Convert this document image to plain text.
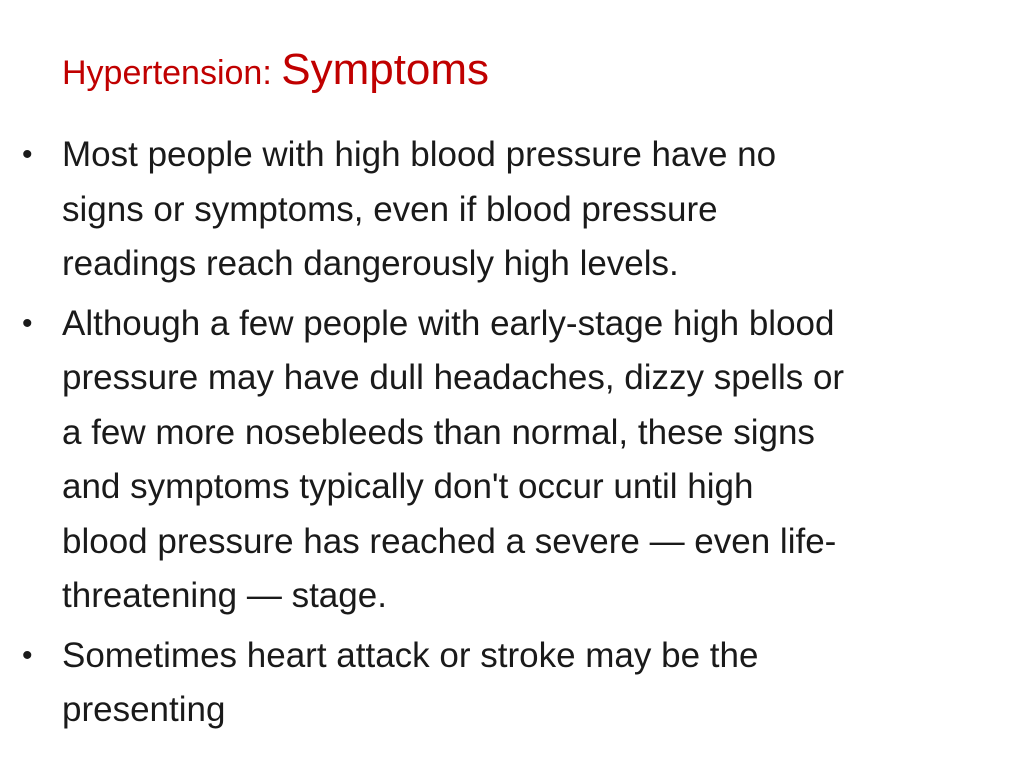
Hypertension: Symptoms
• Most people with high blood pressure have no
signs or symptoms, even if blood pressure
readings reach dangerously high levels.
• Although a few people with early-stage high blood
pressure may have dull headaches, dizzy spells or
a few more nosebleeds than normal, these signs
and symptoms typically don't occur until high
blood pressure has reached a severe — even life-
threatening — stage.
• Sometimes heart attack or stroke may be the
presenting
